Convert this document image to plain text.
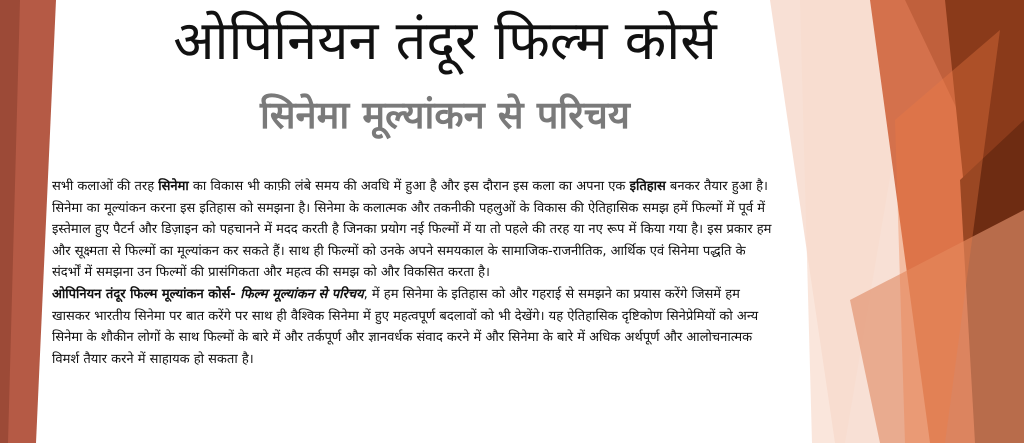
ओपिनियन तंदूर फिल्म कोर्स
सिनेमा मूल्यांकन से परिचय

सभी कलाओं की तरह सिनेमा का विकास भी काफ़ी लंबे समय की अवधि में हुआ है और इस दौरान इस कला का अपना एक इतिहास बनकर तैयार हुआ है। सिनेमा का मूल्यांकन करना इस इतिहास को समझना है। सिनेमा के कलात्मक और तकनीकी पहलुओं के विकास की ऐतिहासिक समझ हमें फिल्मों में पूर्व में इस्तेमाल हुए पैटर्न और डिज़ाइन को पहचानने में मदद करती है जिनका प्रयोग नई फिल्मों में या तो पहले की तरह या नए रूप में किया गया है। इस प्रकार हम और सूक्ष्मता से फिल्मों का मूल्यांकन कर सकते हैं। साथ ही फिल्मों को उनके अपने समयकाल के सामाजिक-राजनीतिक, आर्थिक एवं सिनेमा पद्धति के संदर्भों में समझना उन फिल्मों की प्रासंगिकता और महत्व की समझ को और विकसित करता है।

ओपिनियन तंदूर फिल्म मूल्यांकन कोर्स- फिल्म मूल्यांकन से परिचय, में हम सिनेमा के इतिहास को और गहराई से समझने का प्रयास करेंगे जिसमें हम खासकर भारतीय सिनेमा पर बात करेंगे पर साथ ही वैश्विक सिनेमा में हुए महत्वपूर्ण बदलावों को भी देखेंगे। यह ऐतिहासिक दृष्टिकोण सिनेप्रेमियों को अन्य सिनेमा के शौकीन लोगों के साथ फिल्मों के बारे में और तर्कपूर्ण और ज्ञानवर्धक संवाद करने में और सिनेमा के बारे में अधिक अर्थपूर्ण और आलोचनात्मक विमर्श तैयार करने में साहायक हो सकता है।
